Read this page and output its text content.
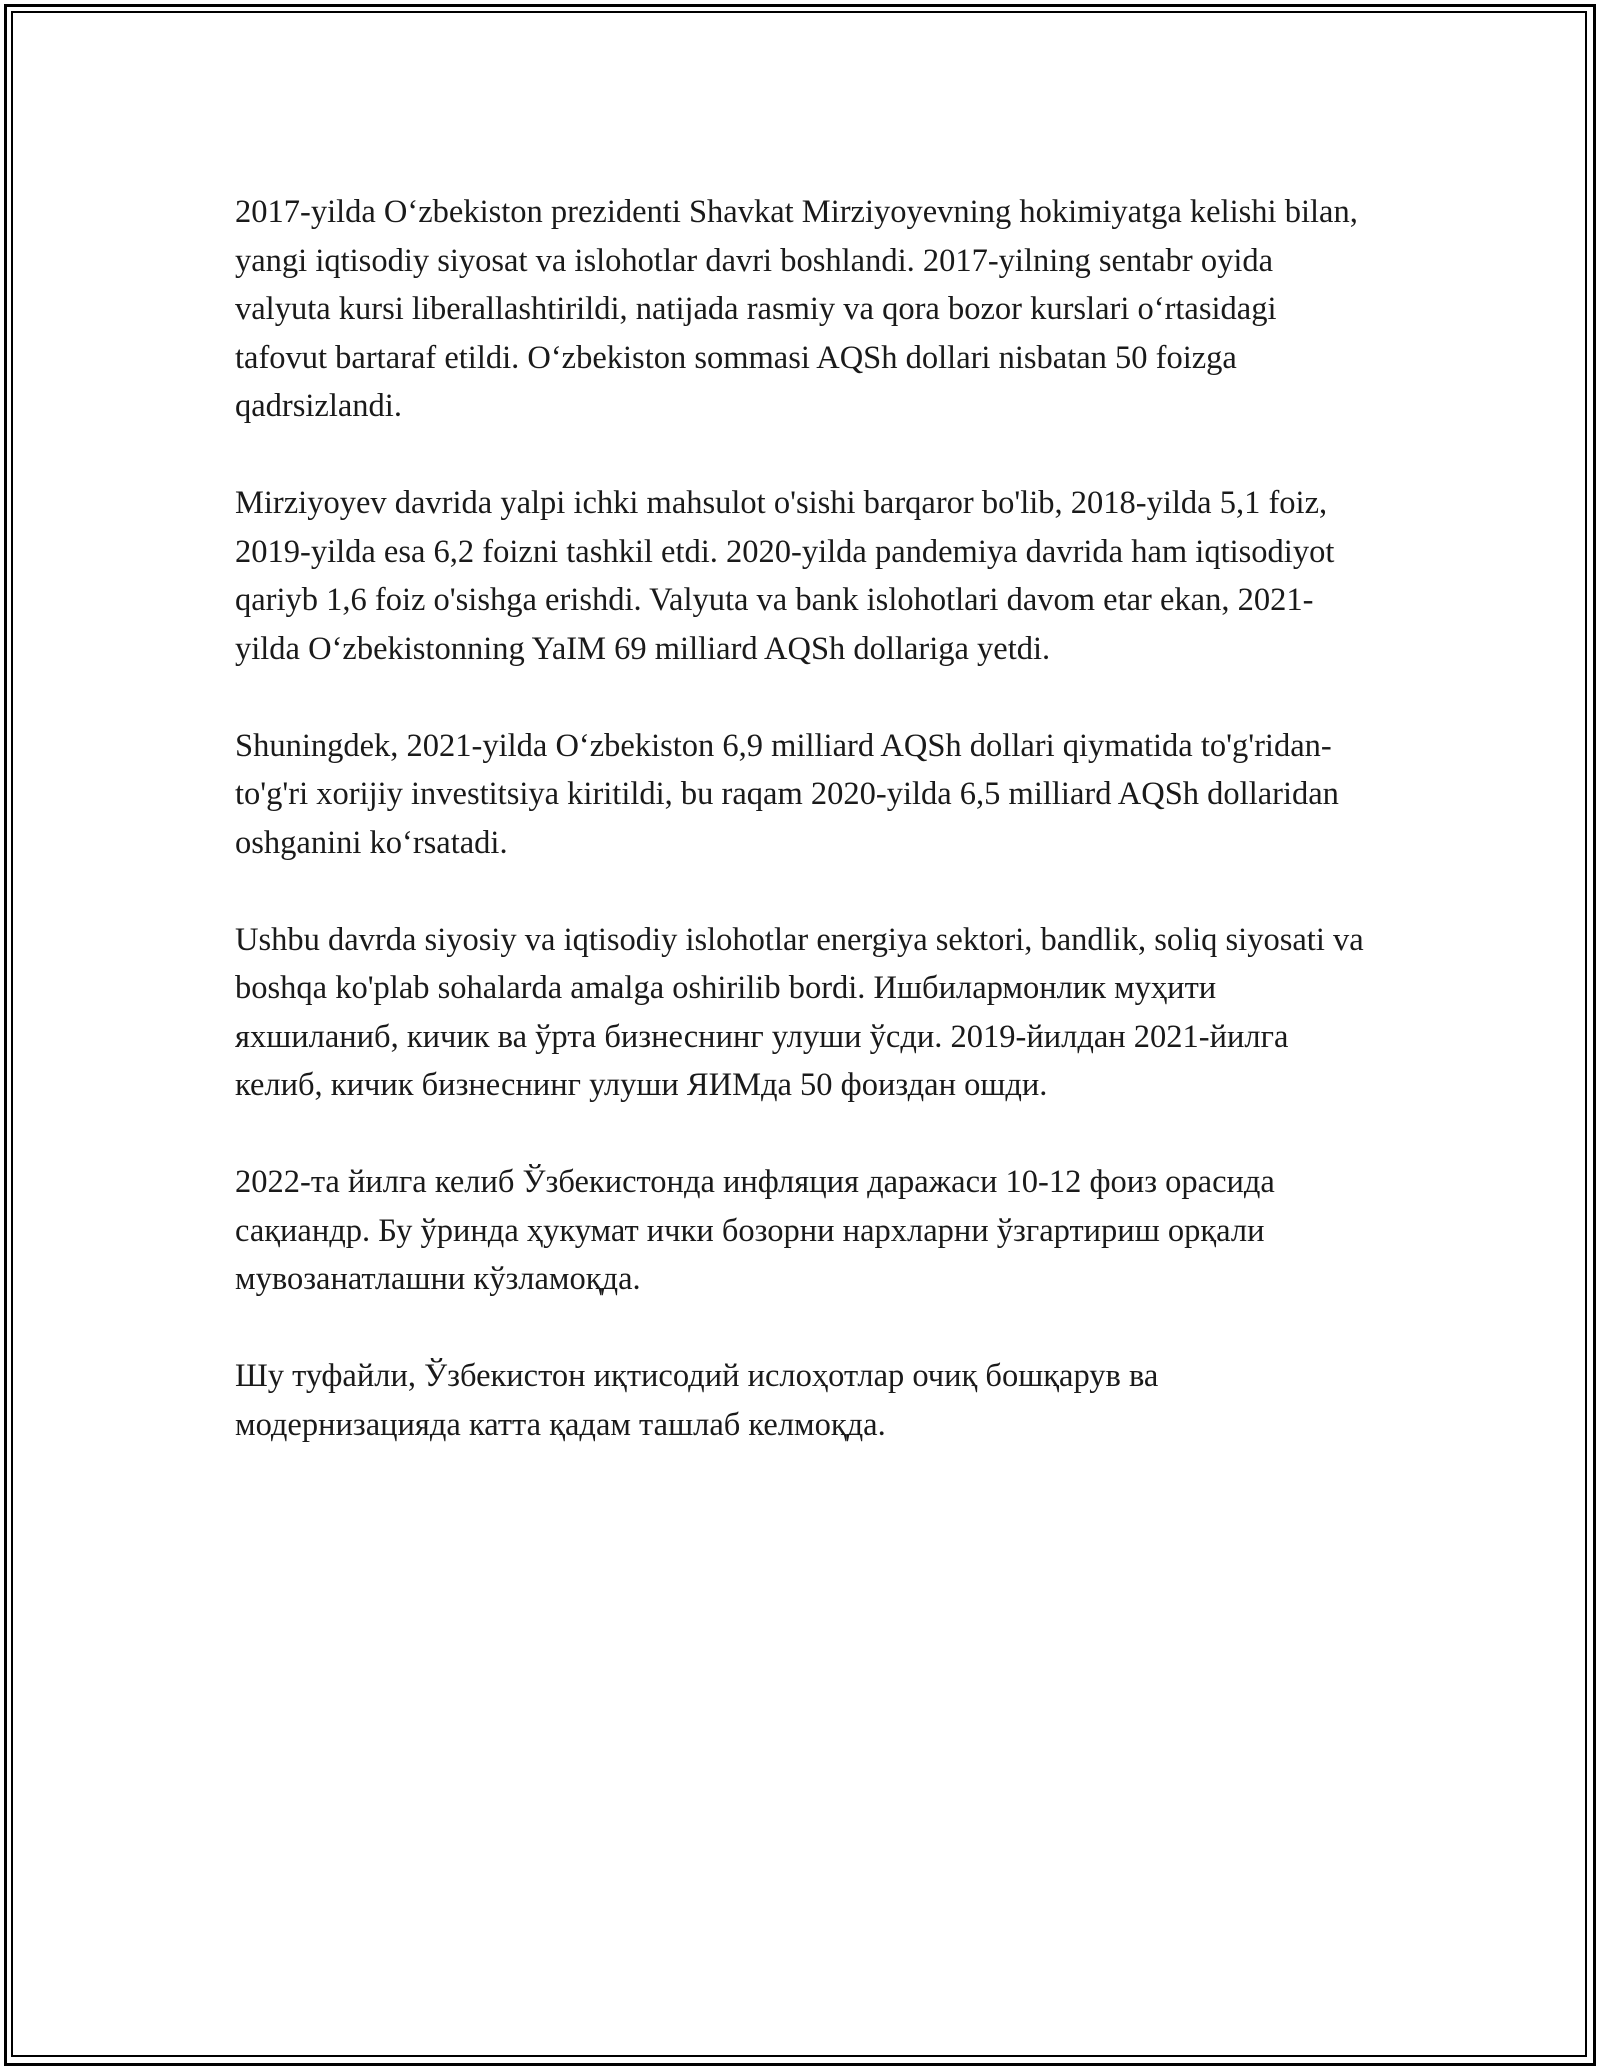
2017-yilda O‘zbekiston prezidenti Shavkat Mirziyoyevning hokimiyatga kelishi bilan, yangi iqtisodiy siyosat va islohotlar davri boshlandi. 2017-yilning sentabr oyida valyuta kursi liberallashtirildi, natijada rasmiy va qora bozor kurslari o‘rtasidagi tafovut bartaraf etildi. O‘zbekiston sommasi AQSh dollari nisbatan 50 foizga qadrsizlandi.

Mirziyoyev davrida yalpi ichki mahsulot o'sishi barqaror bo'lib, 2018-yilda 5,1 foiz, 2019-yilda esa 6,2 foizni tashkil etdi. 2020-yilda pandemiya davrida ham iqtisodiyot qariyb 1,6 foiz o'sishga erishdi. Valyuta va bank islohotlari davom etar ekan, 2021-yilda O‘zbekistonning YaIM 69 milliard AQSh dollariga yetdi.

Shuningdek, 2021-yilda O‘zbekiston 6,9 milliard AQSh dollari qiymatida to'g'ridan-to'g'ri xorijiy investitsiya kiritildi, bu raqam 2020-yilda 6,5 milliard AQSh dollaridan oshganini ko‘rsatadi.

Ushbu davrda siyosiy va iqtisodiy islohotlar energiya sektori, bandlik, soliq siyosati va boshqa ko'plab sohalarda amalga oshirilib bordi. Ишбилармонлик муҳити яхшиланиб, кичик ва ўрта бизнеснинг улуши ўсди. 2019-йилдан 2021-йилга келиб, кичик бизнеснинг улуши ЯИМда 50 фоиздан ошди.

2022-та йилга келиб Ўзбекистонда инфляция даражаси 10-12 фоиз орасида сақиандр. Бу ўринда ҳукумат ички бозорни нархларни ўзгартириш орқали мувозанатлашни кўзламоқда.

Шу туфайли, Ўзбекистон иқтисодий ислоҳотлар очиқ бошқарув ва модернизацияда катта қадам ташлаб келмоқда.
